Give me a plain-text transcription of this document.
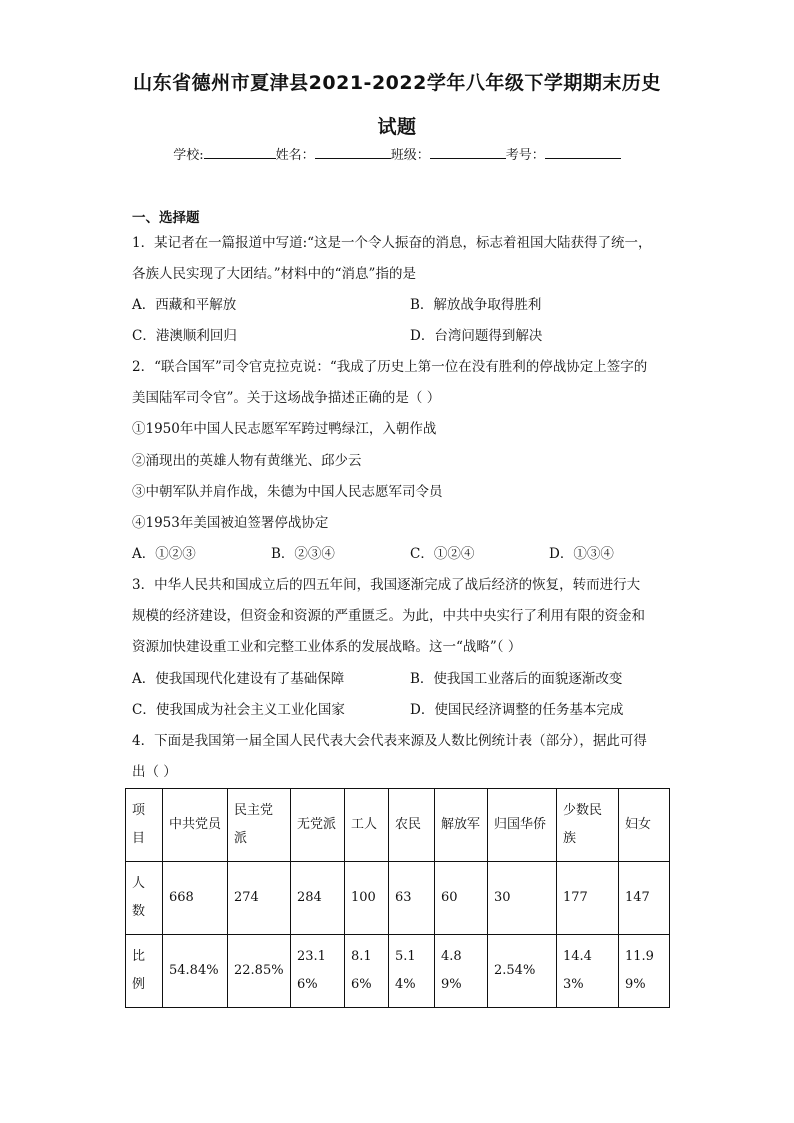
山东省德州市夏津县2021-2022学年八年级下学期期末历史
试题
学校:	姓名：	班级：	考号：
一、选择题
1．某记者在一篇报道中写道:“这是一个令人振奋的消息，标志着祖国大陆获得了统一，
各族人民实现了大团结。”材料中的“消息”指的是
A．西藏和平解放	B．解放战争取得胜利
C．港澳顺利回归	D．台湾问题得到解决
2．“联合国军”司令官克拉克说：“我成了历史上第一位在没有胜利的停战协定上签字的
美国陆军司令官”。关于这场战争描述正确的是（ ）
①1950年中国人民志愿军军跨过鸭绿江，入朝作战
②涌现出的英雄人物有黄继光、邱少云
③中朝军队并肩作战，朱德为中国人民志愿军司令员
④1953年美国被迫签署停战协定
A．①②③	B．②③④	C．①②④	D．①③④
3．中华人民共和国成立后的四五年间，我国逐渐完成了战后经济的恢复，转而进行大
规模的经济建设，但资金和资源的严重匮乏。为此，中共中央实行了利用有限的资金和
资源加快建设重工业和完整工业体系的发展战略。这一“战略”（ ）
A．使我国现代化建设有了基础保障	B．使我国工业落后的面貌逐渐改变
C．使我国成为社会主义工业化国家	D．使国民经济调整的任务基本完成
4．下面是我国第一届全国人民代表大会代表来源及人数比例统计表（部分），据此可得
出（ ）
项目	中共党员	民主党派	无党派	工人	农民	解放军	归国华侨	少数民族	妇女
人数	668	274	284	100	63	60	30	177	147
比例	54.84%	22.85%	23.16%	8.16%	5.14%	4.89%	2.54%	14.43%	11.99%
